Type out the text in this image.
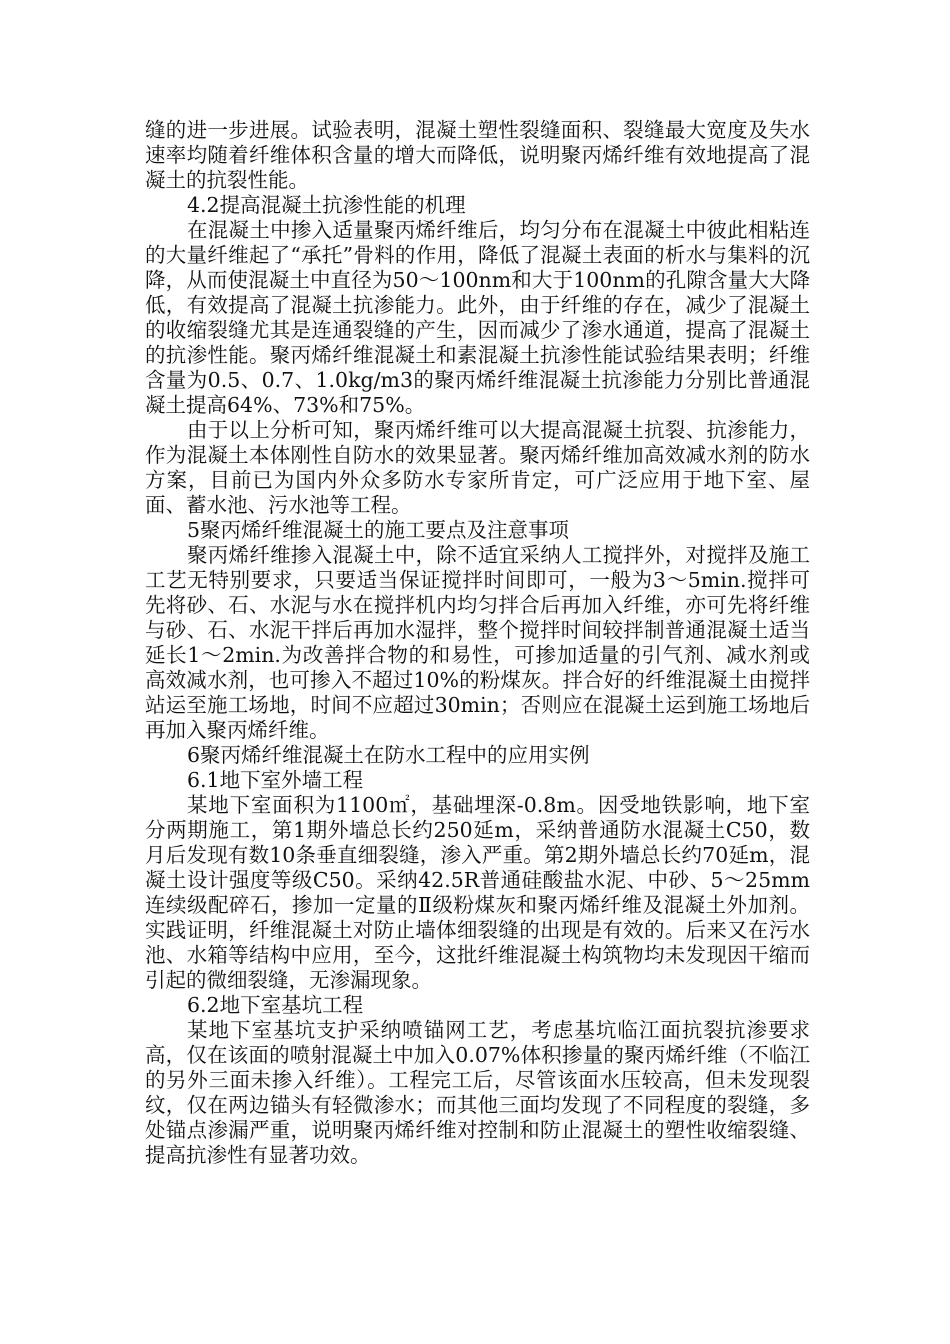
缝的进一步进展。试验表明，混凝土塑性裂缝面积、裂缝最大宽度及失水速率均随着纤维体积含量的增大而降低，说明聚丙烯纤维有效地提高了混凝土的抗裂性能。

4.2提高混凝土抗渗性能的机理

在混凝土中掺入适量聚丙烯纤维后，均匀分布在混凝土中彼此相粘连的大量纤维起了“承托”骨料的作用，降低了混凝土表面的析水与集料的沉降，从而使混凝土中直径为50～100nm和大于100nm的孔隙含量大大降低，有效提高了混凝土抗渗能力。此外，由于纤维的存在，减少了混凝土的收缩裂缝尤其是连通裂缝的产生，因而减少了渗水通道，提高了混凝土的抗渗性能。聚丙烯纤维混凝土和素混凝土抗渗性能试验结果表明；纤维含量为0.5、0.7、1.0kg/m3的聚丙烯纤维混凝土抗渗能力分别比普通混凝土提高64%、73%和75%。

由于以上分析可知，聚丙烯纤维可以大提高混凝土抗裂、抗渗能力，作为混凝土本体刚性自防水的效果显著。聚丙烯纤维加高效减水剂的防水方案，目前已为国内外众多防水专家所肯定，可广泛应用于地下室、屋面、蓄水池、污水池等工程。

5聚丙烯纤维混凝土的施工要点及注意事项

聚丙烯纤维掺入混凝土中，除不适宜采纳人工搅拌外，对搅拌及施工工艺无特别要求，只要适当保证搅拌时间即可，一般为3～5min.搅拌可先将砂、石、水泥与水在搅拌机内均匀拌合后再加入纤维，亦可先将纤维与砂、石、水泥干拌后再加水湿拌，整个搅拌时间较拌制普通混凝土适当延长1～2min.为改善拌合物的和易性，可掺加适量的引气剂、减水剂或高效减水剂，也可掺入不超过10%的粉煤灰。拌合好的纤维混凝土由搅拌站运至施工场地，时间不应超过30min；否则应在混凝土运到施工场地后再加入聚丙烯纤维。

6聚丙烯纤维混凝土在防水工程中的应用实例

6.1地下室外墙工程

某地下室面积为1100㎡，基础埋深-0.8m。因受地铁影响，地下室分两期施工，第1期外墙总长约250延m，采纳普通防水混凝土C50，数月后发现有数10条垂直细裂缝，渗入严重。第2期外墙总长约70延m，混凝土设计强度等级C50。采纳42.5R普通硅酸盐水泥、中砂、5～25mm连续级配碎石，掺加一定量的Ⅱ级粉煤灰和聚丙烯纤维及混凝土外加剂。实践证明，纤维混凝土对防止墙体细裂缝的出现是有效的。后来又在污水池、水箱等结构中应用，至今，这批纤维混凝土构筑物均未发现因干缩而引起的微细裂缝，无渗漏现象。

6.2地下室基坑工程

某地下室基坑支护采纳喷锚网工艺，考虑基坑临江面抗裂抗渗要求高，仅在该面的喷射混凝土中加入0.07%体积掺量的聚丙烯纤维（不临江的另外三面未掺入纤维）。工程完工后，尽管该面水压较高，但未发现裂纹，仅在两边锚头有轻微渗水；而其他三面均发现了不同程度的裂缝，多处锚点渗漏严重，说明聚丙烯纤维对控制和防止混凝土的塑性收缩裂缝、提高抗渗性有显著功效。
